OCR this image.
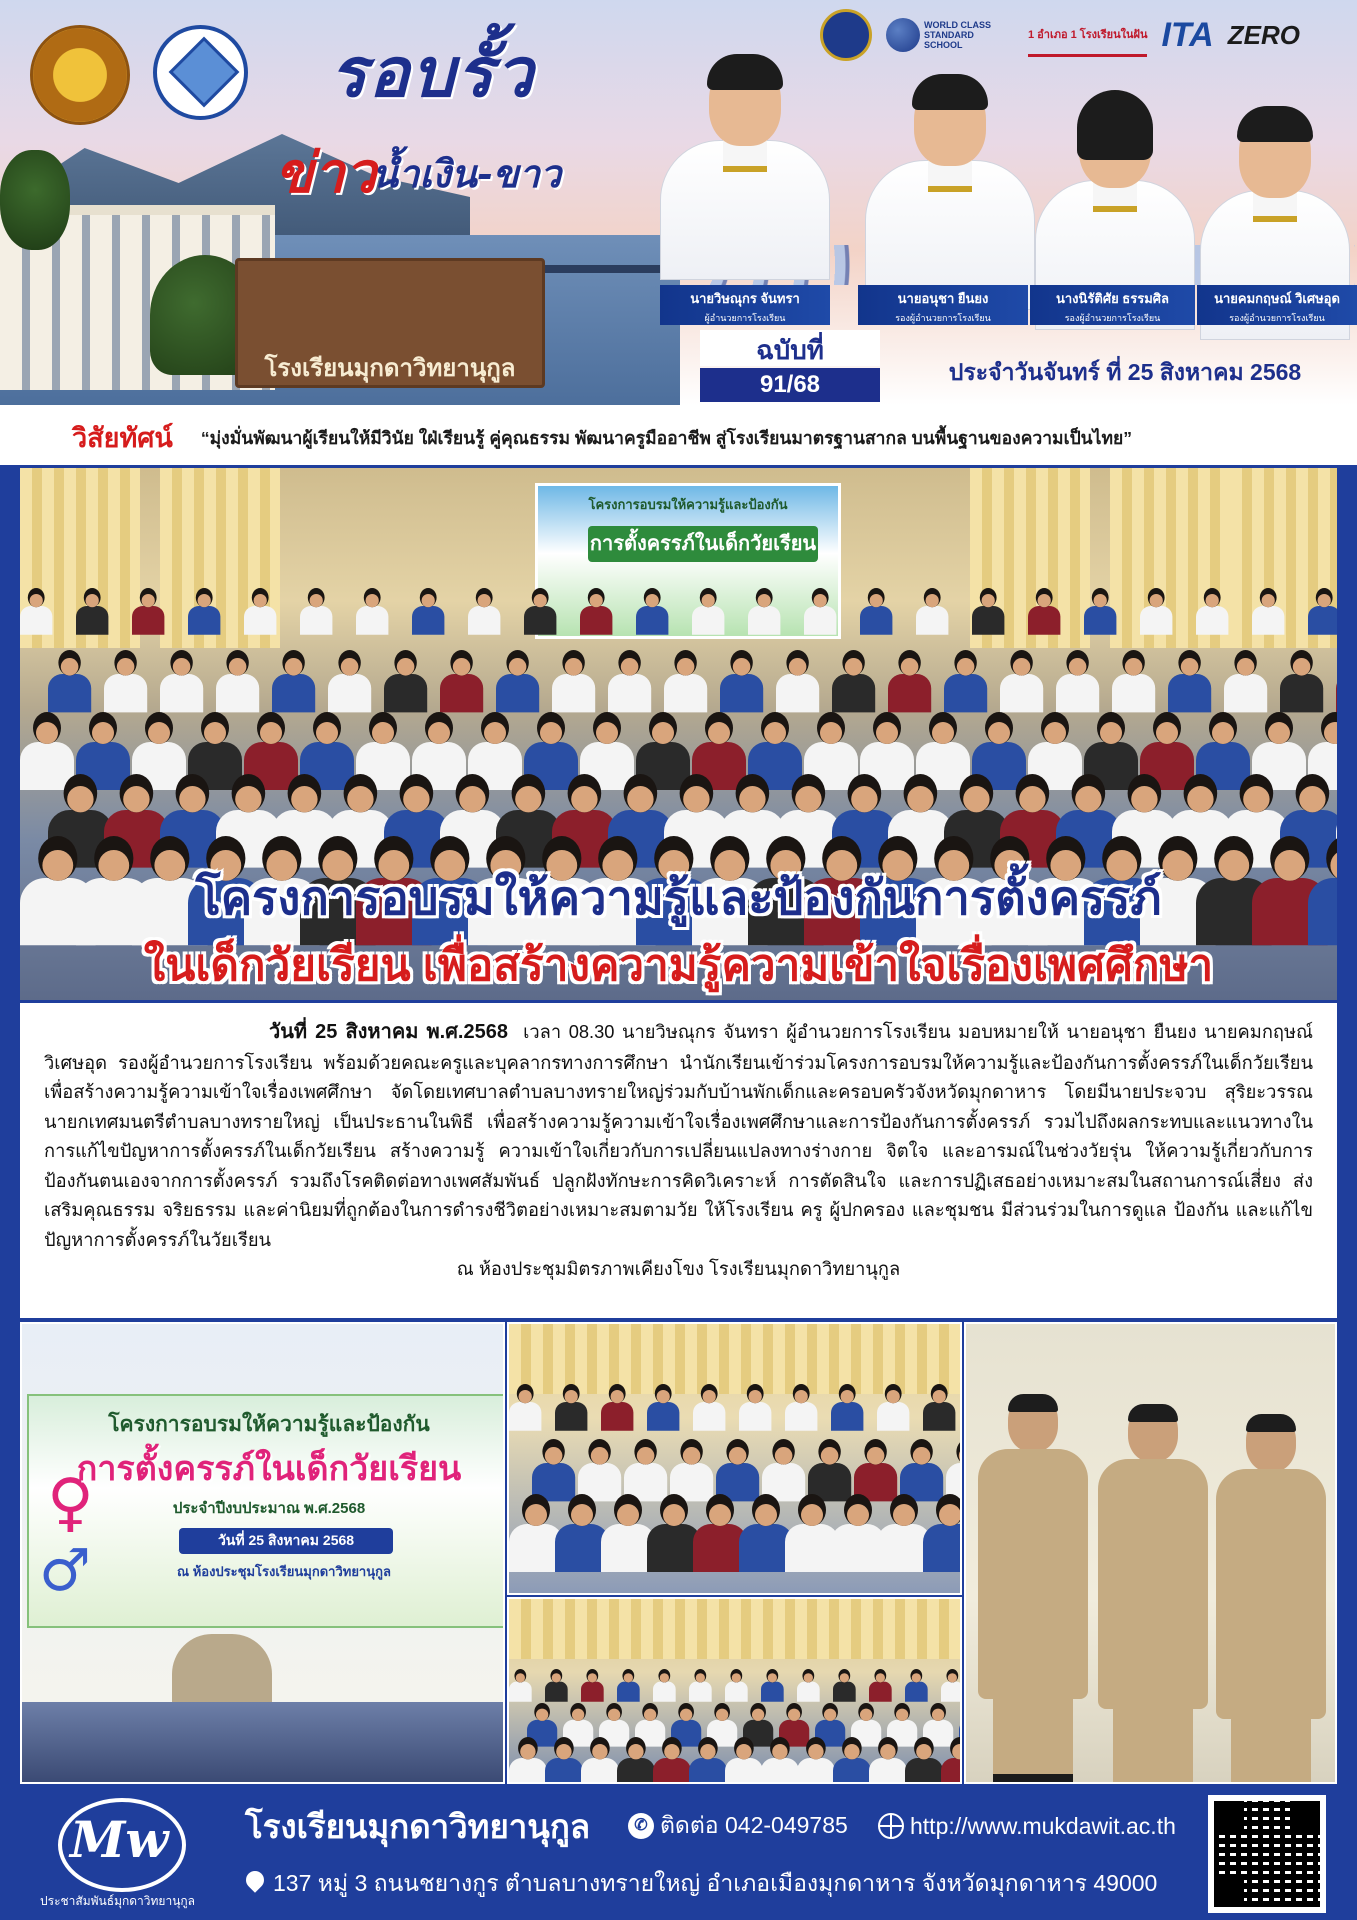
โรงเรียนมุกดาวิทยานุกูล
รอบรั้ว
ข่าว
น้ำเงิน-ขาว
WORLD CLASS STANDARD SCHOOL
1 อำเภอ 1 โรงเรียนในฝัน ITA ZERO
นายวิษณุกร จันทรา
ผู้อำนวยการโรงเรียน
นายอนุชา ยืนยง
รองผู้อำนวยการโรงเรียน
นางนิรัติศัย ธรรมศิล
รองผู้อำนวยการโรงเรียน
นายคมกฤษณ์ วิเศษอุด
รองผู้อำนวยการโรงเรียน
ฉบับที่
91/68	ประจำวันจันทร์ ที่ 25 สิงหาคม 2568
วิสัยทัศน์ “มุ่งมั่นพัฒนาผู้เรียนให้มีวินัย ใฝ่เรียนรู้ คู่คุณธรรม พัฒนาครูมืออาชีพ สู่โรงเรียนมาตรฐานสากล บนพื้นฐานของความเป็นไทย”
โครงการอบรมให้ความรู้และป้องกัน
การตั้งครรภ์ในเด็กวัยเรียน
โครงการอบรมให้ความรู้และป้องกันการตั้งครรภ์
ในเด็กวัยเรียน เพื่อสร้างความรู้ความเข้าใจเรื่องเพศศึกษา
วันที่ 25 สิงหาคม พ.ศ.2568 เวลา 08.30 นายวิษณุกร จันทรา ผู้อำนวยการโรงเรียน มอบหมายให้ นายอนุชา ยืนยง นายคมกฤษณ์ วิเศษอุด รองผู้อำนวยการโรงเรียน พร้อมด้วยคณะครูและบุคลากรทางการศึกษา นำนักเรียนเข้าร่วมโครงการอบรมให้ความรู้และป้องกันการตั้งครรภ์ในเด็กวัยเรียน เพื่อสร้างความรู้ความเข้าใจเรื่องเพศศึกษา จัดโดยเทศบาลตำบลบางทรายใหญ่ร่วมกับบ้านพักเด็กและครอบครัวจังหวัดมุกดาหาร โดยมีนายประจวบ สุริยะวรรณ นายกเทศมนตรีตำบลบางทรายใหญ่ เป็นประธานในพิธี เพื่อสร้างความรู้ความเข้าใจเรื่องเพศศึกษาและการป้องกันการตั้งครรภ์ รวมไปถึงผลกระทบและแนวทางในการแก้ไขปัญหาการตั้งครรภ์ในเด็กวัยเรียน สร้างความรู้ ความเข้าใจเกี่ยวกับการเปลี่ยนแปลงทางร่างกาย จิตใจ และอารมณ์ในช่วงวัยรุ่น ให้ความรู้เกี่ยวกับการป้องกันตนเองจากการตั้งครรภ์ รวมถึงโรคติดต่อทางเพศสัมพันธ์ ปลูกฝังทักษะการคิดวิเคราะห์ การตัดสินใจ และการปฏิเสธอย่างเหมาะสมในสถานการณ์เสี่ยง ส่งเสริมคุณธรรม จริยธรรม และค่านิยมที่ถูกต้องในการดำรงชีวิตอย่างเหมาะสมตามวัย ให้โรงเรียน ครู ผู้ปกครอง และชุมชน มีส่วนร่วมในการดูแล ป้องกัน และแก้ไขปัญหาการตั้งครรภ์ในวัยเรียน
ณ ห้องประชุมมิตรภาพเคียงโขง โรงเรียนมุกดาวิทยานุกูล
♀
♂
โครงการอบรมให้ความรู้และป้องกัน
การตั้งครรภ์ในเด็กวัยเรียน
ประจำปีงบประมาณ พ.ศ.2568
วันที่ 25 สิงหาคม 2568
ณ ห้องประชุมโรงเรียนมุกดาวิทยานุกูล
Mw
ประชาสัมพันธ์มุกดาวิทยานุกูล
โรงเรียนมุกดาวิทยานุกูล	✆ ติดต่อ 042-049785	http://www.mukdawit.ac.th
137 หมู่ 3 ถนนชยางกูร ตำบลบางทรายใหญ่ อำเภอเมืองมุกดาหาร จังหวัดมุกดาหาร 49000
